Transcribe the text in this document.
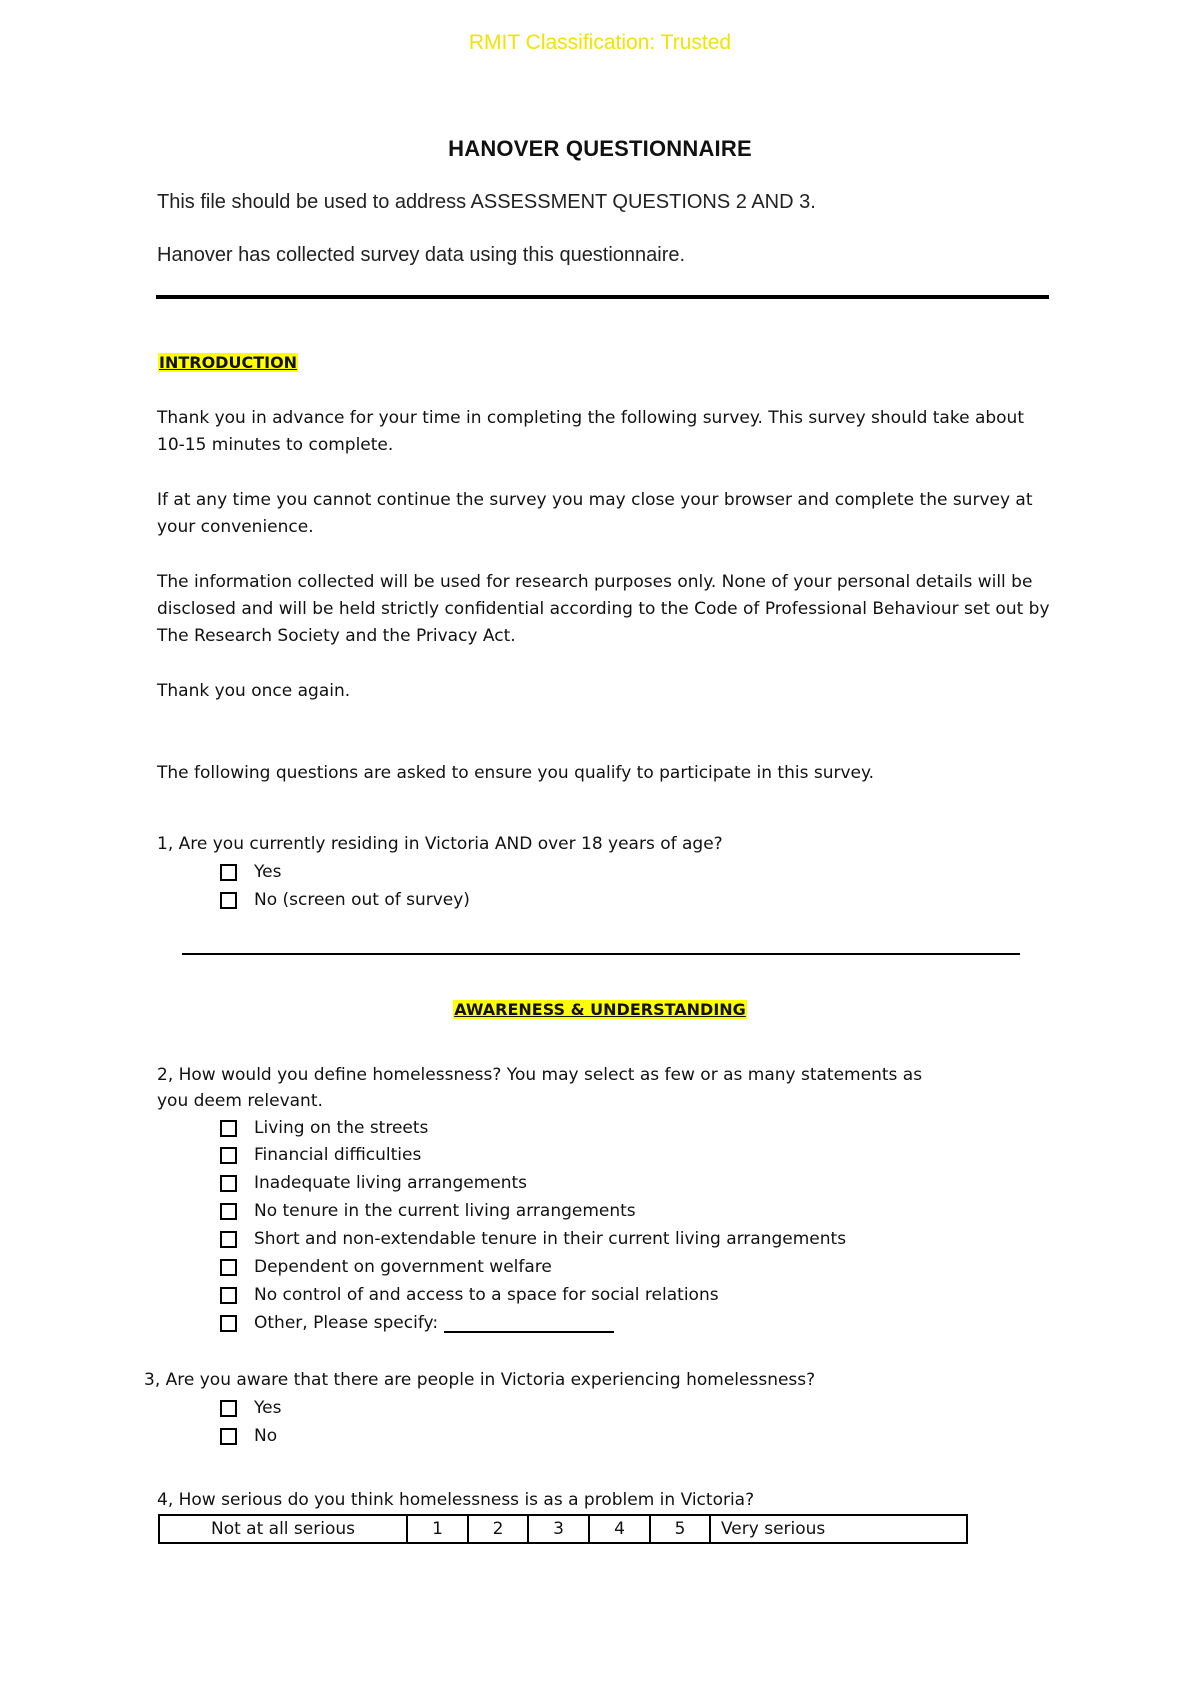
RMIT Classification: Trusted
HANOVER QUESTIONNAIRE
This file should be used to address ASSESSMENT QUESTIONS 2 AND 3.
Hanover has collected survey data using this questionnaire.
INTRODUCTION
Thank you in advance for your time in completing the following survey. This survey should take about 10-15 minutes to complete.
If at any time you cannot continue the survey you may close your browser and complete the survey at your convenience.
The information collected will be used for research purposes only. None of your personal details will be disclosed and will be held strictly confidential according to the Code of Professional Behaviour set out by The Research Society and the Privacy Act.
Thank you once again.
The following questions are asked to ensure you qualify to participate in this survey.
1, Are you currently residing in Victoria AND over 18 years of age?
Yes
No (screen out of survey)
AWARENESS & UNDERSTANDING
2, How would you define homelessness? You may select as few or as many statements as
you deem relevant.
Living on the streets
Financial difficulties
Inadequate living arrangements
No tenure in the current living arrangements
Short and non-extendable tenure in their current living arrangements
Dependent on government welfare
No control of and access to a space for social relations
Other, Please specify:
3, Are you aware that there are people in Victoria experiencing homelessness?
Yes
No
4, How serious do you think homelessness is as a problem in Victoria?
Not at all serious	1	2	3	4	5	Very serious
